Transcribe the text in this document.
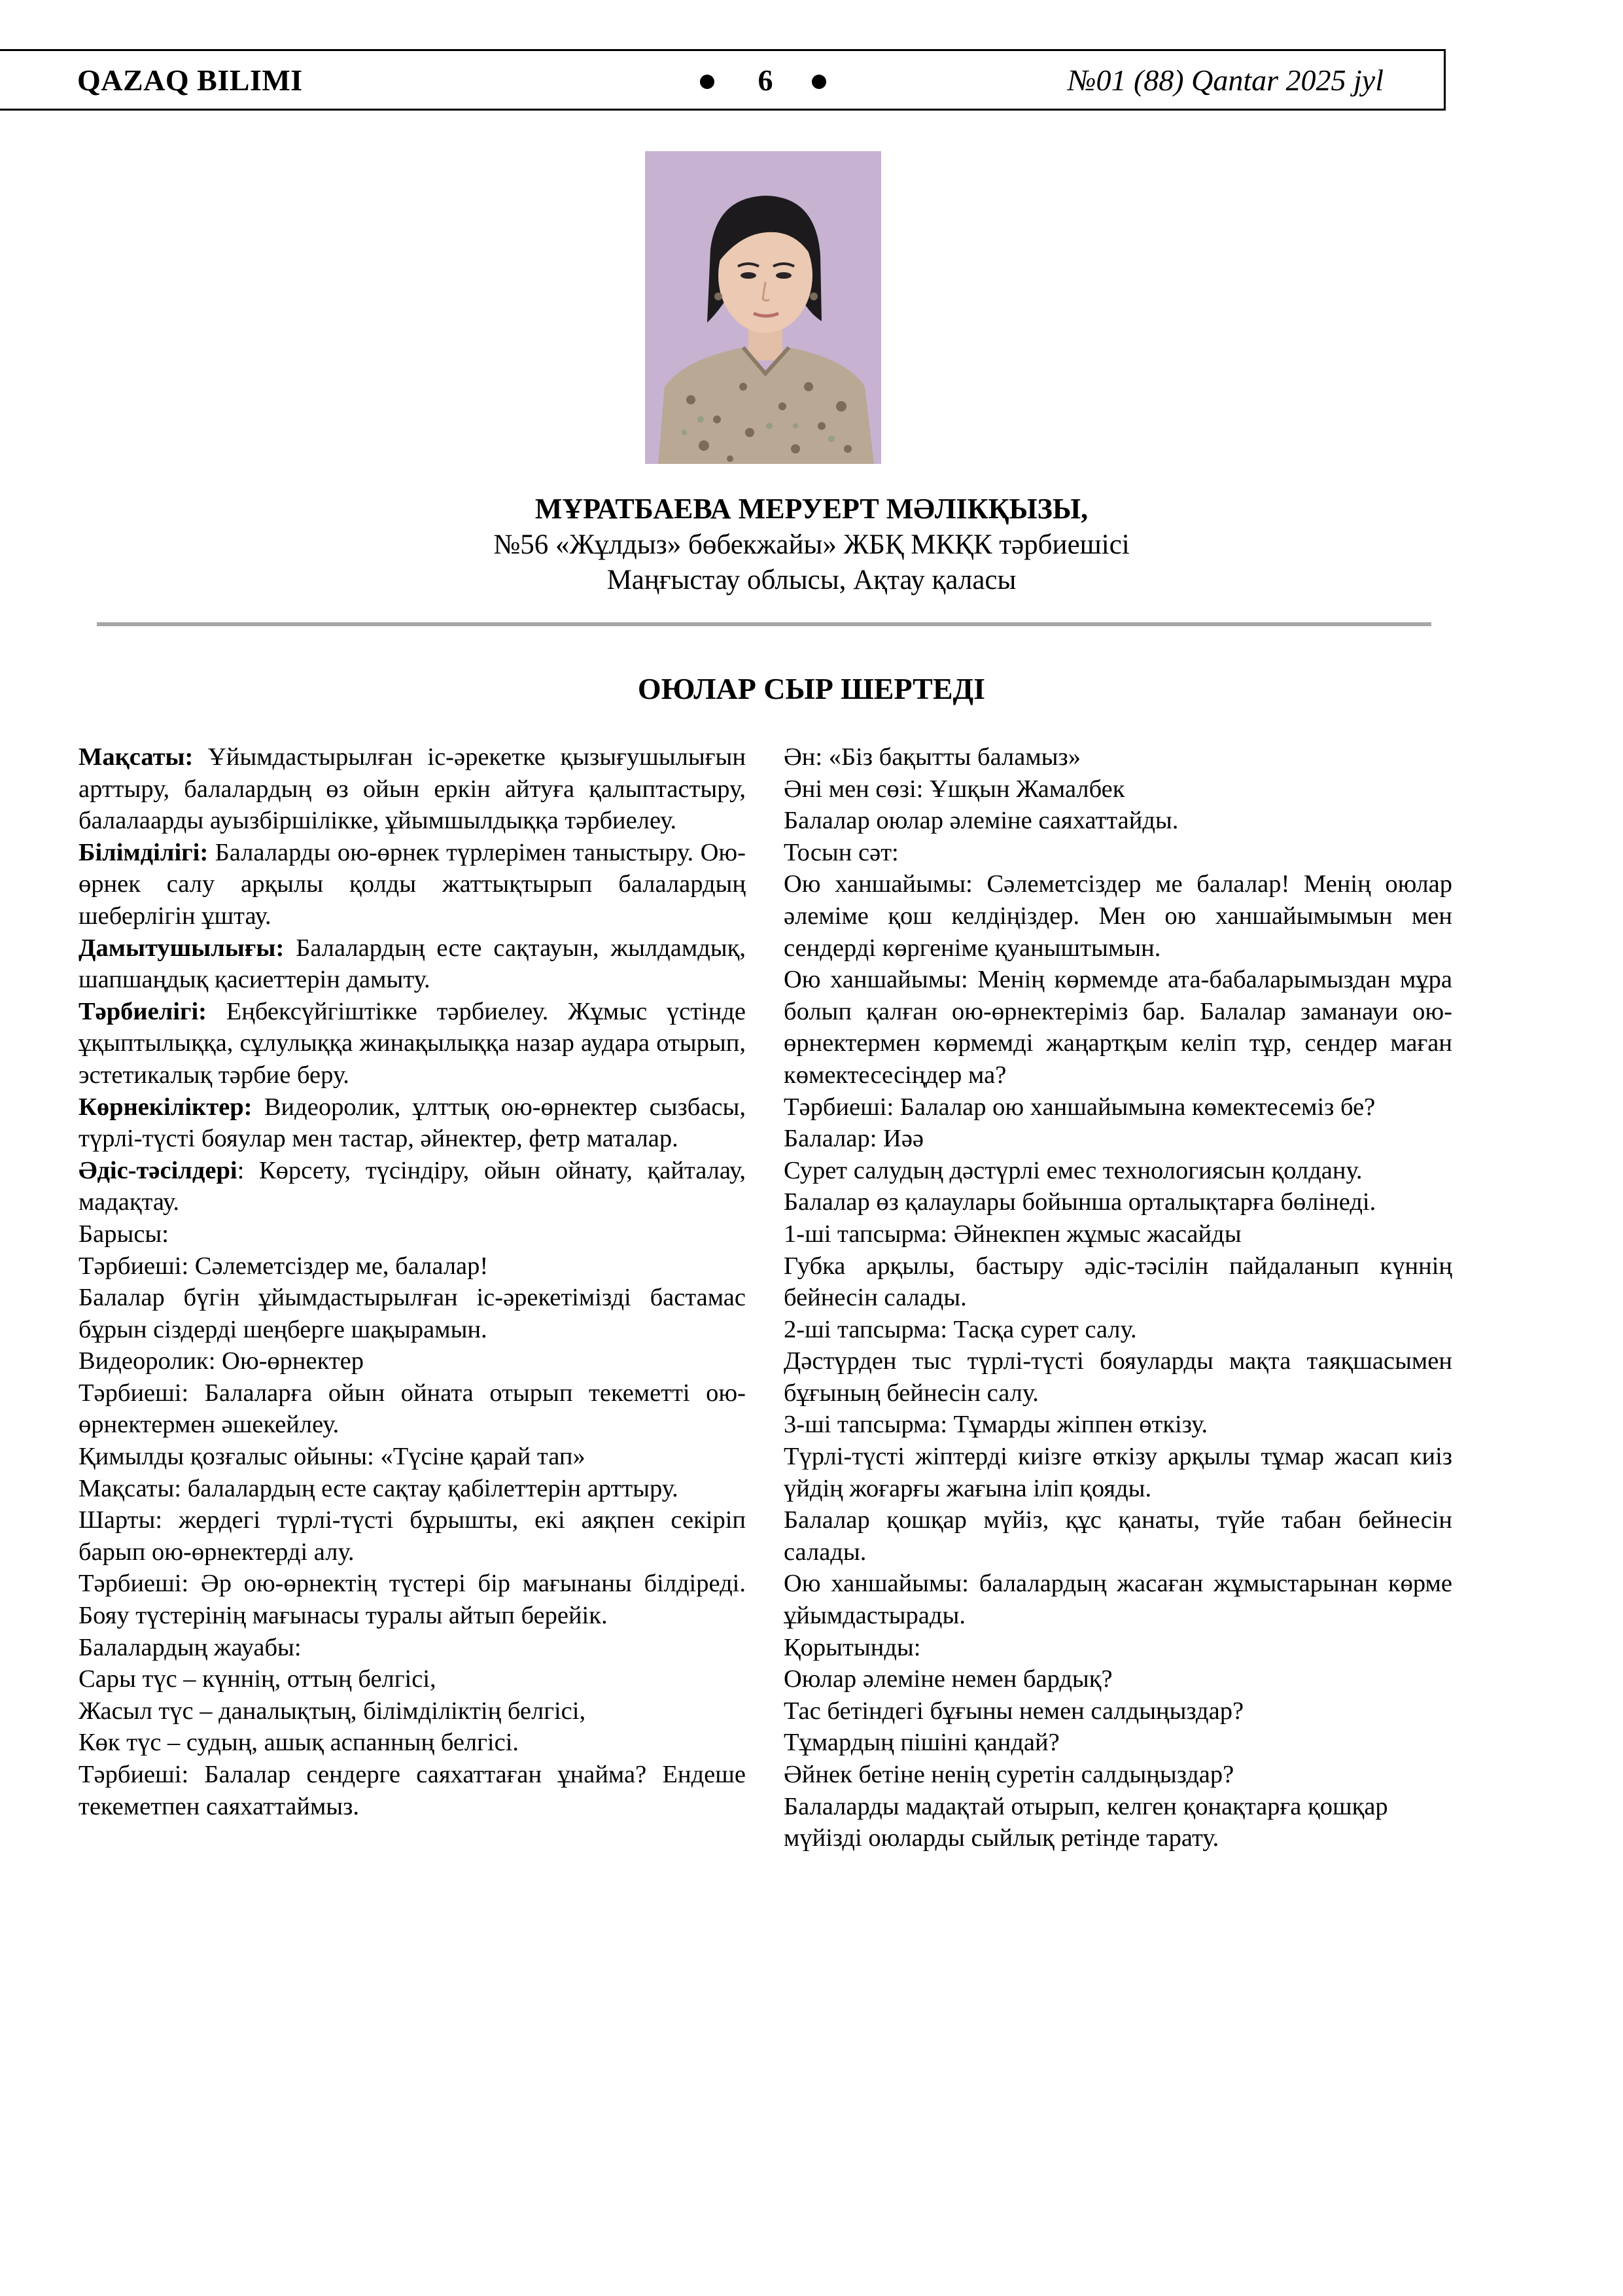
QAZAQ BILIMI	6	№01 (88) Qantar 2025 jyl
МҰРАТБАЕВА МЕРУЕРТ МӘЛІКҚЫЗЫ,
№56 «Жұлдыз» бөбекжайы» ЖБҚ МКҚК тәрбиешісі
Маңғыстау облысы, Ақтау қаласы
ОЮЛАР СЫР ШЕРТЕДІ

Мақсаты: Ұйымдастырылған іс-әрекетке қызығушылығын арттыру, балалардың өз ойын еркін айтуға қалыптастыру, балалаарды ауызбіршілікке, ұйымшылдыққа тәрбиелеу.

Білімділігі: Балаларды ою-өрнек түрлерімен таныстыру. Ою-өрнек салу арқылы қолды жаттықтырып балалардың шеберлігін ұштау.

Дамытушылығы: Балалардың есте сақтауын, жылдамдық, шапшаңдық қасиеттерін дамыту.

Тәрбиелігі: Еңбексүйгіштікке тәрбиелеу. Жұмыс үстінде ұқыптылыққа, сұлулыққа жинақылыққа назар аудара отырып, эстетикалық тәрбие беру.

Көрнекіліктер: Видеоролик, ұлттық ою-өрнектер сызбасы, түрлі-түсті бояулар мен тастар, әйнектер, фетр маталар.

Әдіс-тәсілдері: Көрсету, түсіндіру, ойын ойнату, қайталау, мадақтау.

Барысы:

Тәрбиеші: Сәлеметсіздер ме, балалар!

Балалар бүгін ұйымдастырылған іс-әрекетімізді бастамас бұрын сіздерді шеңберге шақырамын.

Видеоролик: Ою-өрнектер

Тәрбиеші: Балаларға ойын ойната отырып текеметті ою-өрнектермен әшекейлеу.

Қимылды қозғалыс ойыны: «Түсіне қарай тап»

Мақсаты: балалардың есте сақтау қабілеттерін арттыру.

Шарты: жердегі түрлі-түсті бұрышты, екі аяқпен секіріп барып ою-өрнектерді алу.

Тәрбиеші: Әр ою-өрнектің түстері бір мағынаны білдіреді. Бояу түстерінің мағынасы туралы айтып берейік.

Балалардың жауабы:

Сары түс – күннің, оттың белгісі,

Жасыл түс – даналықтың, білімділіктің белгісі,

Көк түс – судың, ашық аспанның белгісі.

Тәрбиеші: Балалар сендерге саяхаттаған ұнайма? Ендеше текеметпен саяхаттаймыз.

Ән: «Біз бақытты баламыз»

Әні мен сөзі: Ұшқын Жамалбек

Балалар оюлар әлеміне саяхаттайды.

Тосын сәт:

Ою ханшайымы: Сәлеметсіздер ме балалар! Менің оюлар әлеміме қош келдіңіздер. Мен ою ханшайымымын мен сендерді көргеніме қуаныштымын.

Ою ханшайымы: Менің көрмемде ата-бабаларымыздан мұра болып қалған ою-өрнектеріміз бар. Балалар заманауи ою-өрнектермен көрмемді жаңартқым келіп тұр, сендер маған көмектесесіңдер ма?

Тәрбиеші: Балалар ою ханшайымына көмектесеміз бе?

Балалар: Иәә

Сурет салудың дәстүрлі емес технологиясын қолдану.

Балалар өз қалаулары бойынша орталықтарға бөлінеді.

1-ші тапсырма: Әйнекпен жұмыс жасайды

Губка арқылы, бастыру әдіс-тәсілін пайдаланып күннің бейнесін салады.

2-ші тапсырма: Тасқа сурет салу.

Дәстүрден тыс түрлі-түсті бояуларды мақта таяқшасымен бұғының бейнесін салу.

3-ші тапсырма: Тұмарды жіппен өткізу.

Түрлі-түсті жіптерді киізге өткізу арқылы тұмар жасап киіз үйдің жоғарғы жағына іліп қояды.

Балалар қошқар мүйіз, құс қанаты, түйе табан бейнесін салады.

Ою ханшайымы: балалардың жасаған жұмыстарынан көрме ұйымдастырады.

Қорытынды:

Оюлар әлеміне немен бардық?

Тас бетіндегі бұғыны немен салдыңыздар?

Тұмардың пішіні қандай?

Әйнек бетіне ненің суретін салдыңыздар?

Балаларды мадақтай отырып, келген қонақтарға қошқар мүйізді оюларды сыйлық ретінде тарату.
